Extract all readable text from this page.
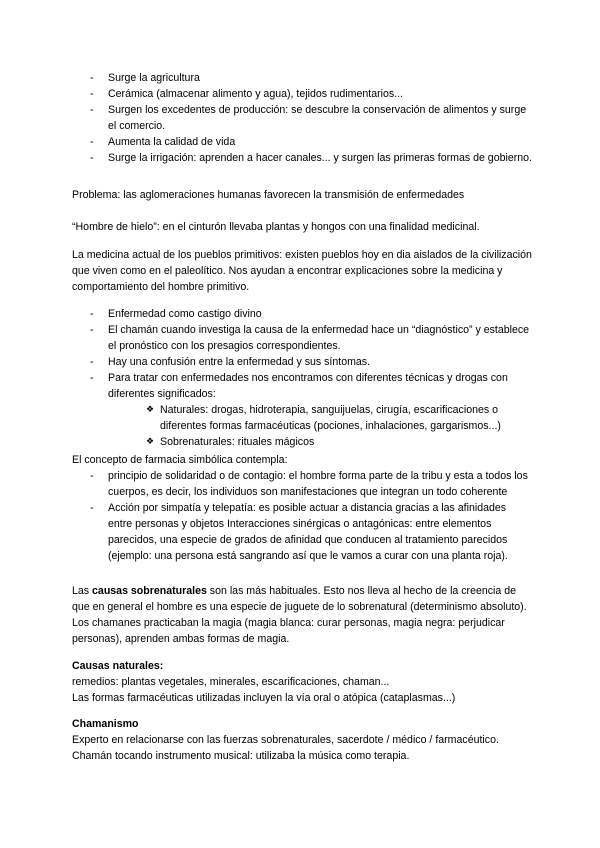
- Surge la agricultura
- Cerámica (almacenar alimento y agua), tejidos rudimentarios...
- Surgen los excedentes de producción: se descubre la conservación de alimentos y surge el comercio.
- Aumenta la calidad de vida
- Surge la irrigación: aprenden a hacer canales... y surgen las primeras formas de gobierno.
Problema: las aglomeraciones humanas favorecen la transmisión de enfermedades
“Hombre de hielo”: en el cinturón llevaba plantas y hongos con una finalidad medicinal.
La medicina actual de los pueblos primitivos: existen pueblos hoy en dia aislados de la civilización que viven como en el paleolítico. Nos ayudan a encontrar explicaciones sobre la medicina y comportamiento del hombre primitivo.
- Enfermedad como castigo divino
- El chamán cuando investiga la causa de la enfermedad hace un “diagnóstico” y establece el pronóstico con los presagios correspondientes.
- Hay una confusión entre la enfermedad y sus síntomas.
- Para tratar con enfermedades nos encontramos con diferentes técnicas y drogas con diferentes significados:
❖ Naturales: drogas, hidroterapia, sanguijuelas, cirugía, escarificaciones o diferentes formas farmacéuticas (pociones, inhalaciones, gargarismos...)
❖ Sobrenaturales: rituales mágicos
El concepto de farmacia simbólica contempla:
- principio de solidaridad o de contagio: el hombre forma parte de la tribu y esta a todos los cuerpos, es decir, los individuos son manifestaciones que integran un todo coherente
- Acción por simpatía y telepatía: es posible actuar a distancia gracias a las afinidades entre personas y objetos Interacciones sinérgicas o antagónicas: entre elementos parecidos, una especie de grados de afinidad que conducen al tratamiento parecidos (ejemplo: una persona está sangrando así que le vamos a curar con una planta roja).
Las causas sobrenaturales son las más habituales. Esto nos lleva al hecho de la creencia de que en general el hombre es una especie de juguete de lo sobrenatural (determinismo absoluto). Los chamanes practicaban la magia (magia blanca: curar personas, magia negra: perjudicar personas), aprenden ambas formas de magia.
Causas naturales:
remedios: plantas vegetales, minerales, escarificaciones, chaman...
Las formas farmacéuticas utilizadas incluyen la vía oral o atópica (cataplasmas...)
Chamanismo
Experto en relacionarse con las fuerzas sobrenaturales, sacerdote / médico / farmacéutico.
Chamán tocando instrumento musical: utilizaba la música como terapia.
